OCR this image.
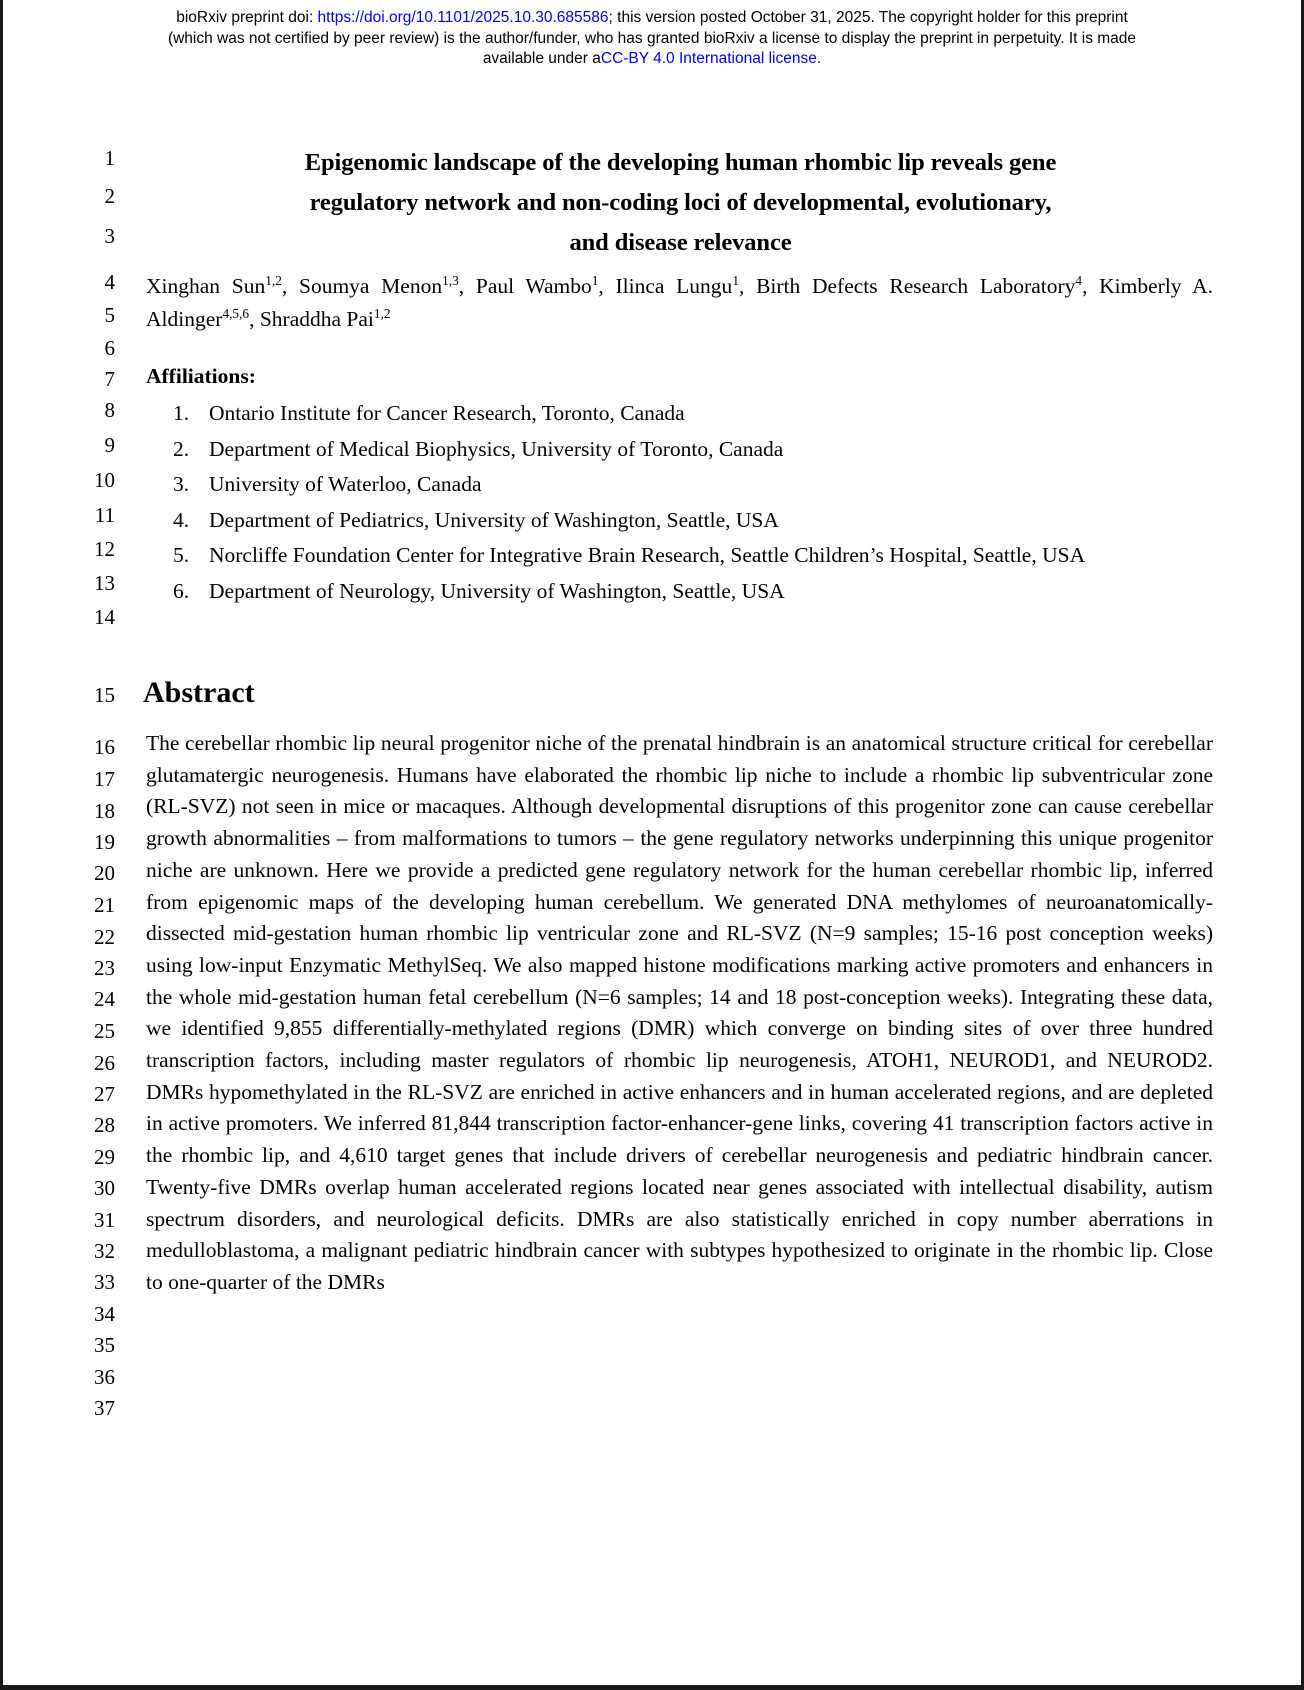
bioRxiv preprint doi: https://doi.org/10.1101/2025.10.30.685586; this version posted October 31, 2025. The copyright holder for this preprint
(which was not certified by peer review) is the author/funder, who has granted bioRxiv a license to display the preprint in perpetuity. It is made
available under aCC-BY 4.0 International license.
1
2
3
4
5
6
7
8
9
10
11
12
13
14
15
16
17
18
19
20
21
22
23
24
25
26
27
28
29
30
31
32
33
34
35
36
37
Epigenomic landscape of the developing human rhombic lip reveals gene
regulatory network and non-coding loci of developmental, evolutionary,
and disease relevance
Xinghan Sun$^{1,2}$, Soumya Menon$^{1,3}$, Paul Wambo$^1$, Ilinca Lungu$^1$, Birth Defects Research Laboratory$^4$, Kimberly A. Aldinger$^{4,5,6}$, Shraddha Pai$^{1,2}$
Affiliations:
1. Ontario Institute for Cancer Research, Toronto, Canada
2. Department of Medical Biophysics, University of Toronto, Canada
3. University of Waterloo, Canada
4. Department of Pediatrics, University of Washington, Seattle, USA
5. Norcliffe Foundation Center for Integrative Brain Research, Seattle Children’s Hospital, Seattle, USA
6. Department of Neurology, University of Washington, Seattle, USA
Abstract

The cerebellar rhombic lip neural progenitor niche of the prenatal hindbrain is an anatomical structure critical for cerebellar glutamatergic neurogenesis. Humans have elaborated the rhombic lip niche to include a rhombic lip subventricular zone (RL-SVZ) not seen in mice or macaques. Although developmental disruptions of this progenitor zone can cause cerebellar growth abnormalities – from malformations to tumors – the gene regulatory networks underpinning this unique progenitor niche are unknown. Here we provide a predicted gene regulatory network for the human cerebellar rhombic lip, inferred from epigenomic maps of the developing human cerebellum. We generated DNA methylomes of neuroanatomically-dissected mid-gestation human rhombic lip ventricular zone and RL-SVZ (N=9 samples; 15-16 post conception weeks) using low-input Enzymatic MethylSeq. We also mapped histone modifications marking active promoters and enhancers in the whole mid-gestation human fetal cerebellum (N=6 samples; 14 and 18 post-conception weeks). Integrating these data, we identified 9,855 differentially-methylated regions (DMR) which converge on binding sites of over three hundred transcription factors, including master regulators of rhombic lip neurogenesis, ATOH1, NEUROD1, and NEUROD2. DMRs hypomethylated in the RL-SVZ are enriched in active enhancers and in human accelerated regions, and are depleted in active promoters. We inferred 81,844 transcription factor-enhancer-gene links, covering 41 transcription factors active in the rhombic lip, and 4,610 target genes that include drivers of cerebellar neurogenesis and pediatric hindbrain cancer. Twenty-five DMRs overlap human accelerated regions located near genes associated with intellectual disability, autism spectrum disorders, and neurological deficits. DMRs are also statistically enriched in copy number aberrations in medulloblastoma, a malignant pediatric hindbrain cancer with subtypes hypothesized to originate in the rhombic lip. Close to one-quarter of the DMRs
